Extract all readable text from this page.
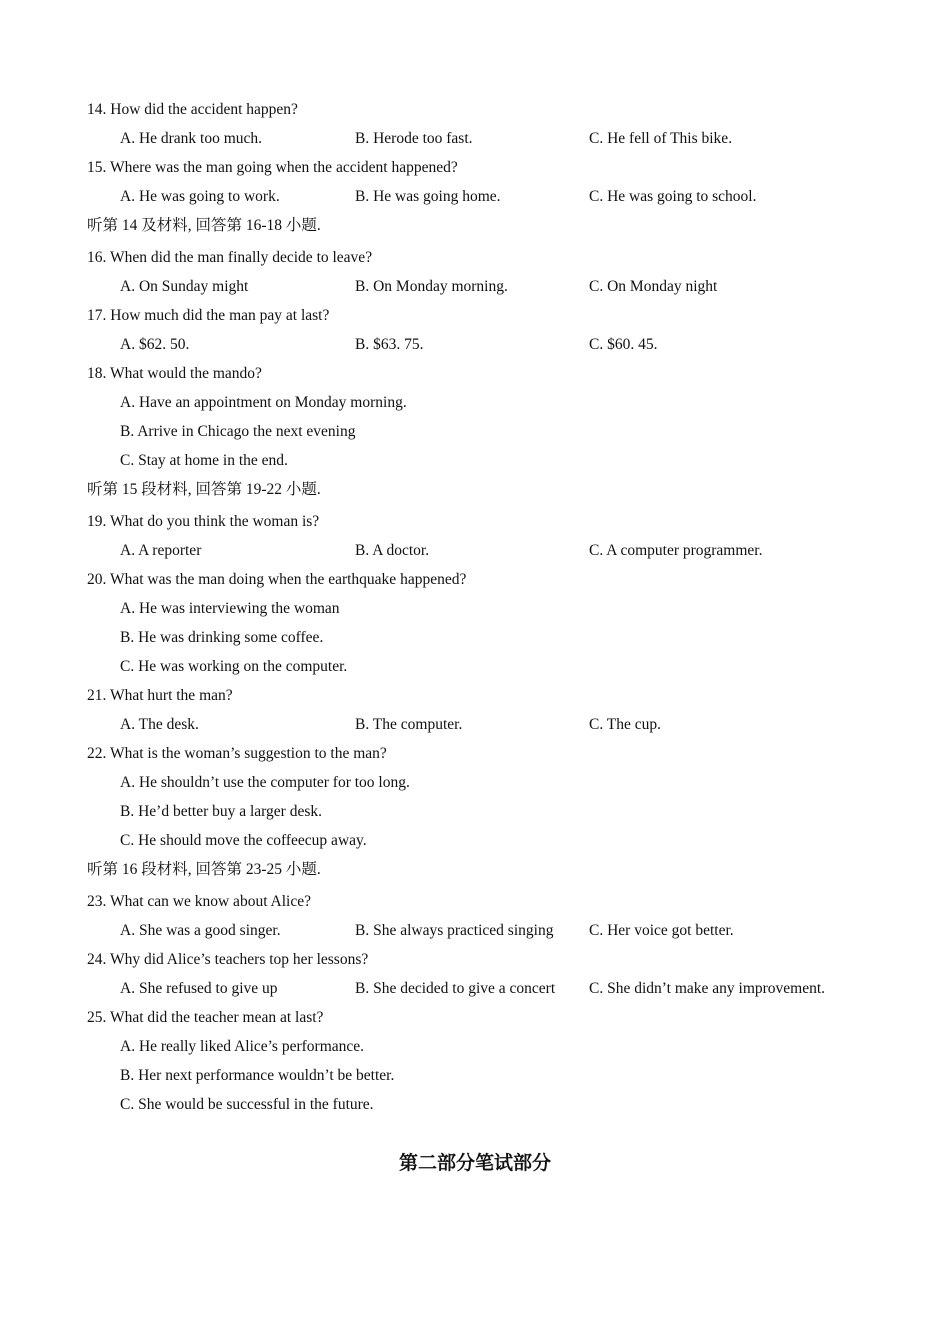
14. How did the accident happen?
A. He drank too much.	B. Herode too fast.	C. He fell of This bike.
15. Where was the man going when the accident happened?
A. He was going to work.	B. He was going home.	C. He was going to school.
听第 14 及材料, 回答第 16-18 小题.
16. When did the man finally decide to leave?
A. On Sunday might	B. On Monday morning.	C. On Monday night
17. How much did the man pay at last?
A. $62. 50.	B. $63. 75.	C. $60. 45.
18. What would the mando?
A. Have an appointment on Monday morning.
B. Arrive in Chicago the next evening
C. Stay at home in the end.
听第 15 段材料, 回答第 19-22 小题.
19. What do you think the woman is?
A. A reporter	B. A doctor.	C. A computer programmer.
20. What was the man doing when the earthquake happened?
A. He was interviewing the woman
B. He was drinking some coffee.
C. He was working on the computer.
21. What hurt the man?
A. The desk.	B. The computer.	C. The cup.
22. What is the woman’s suggestion to the man?
A. He shouldn’t use the computer for too long.
B. He’d better buy a larger desk.
C. He should move the coffeecup away.
听第 16 段材料, 回答第 23-25 小题.
23. What can we know about Alice?
A. She was a good singer.	B. She always practiced singing C. Her voice got better.
24. Why did Alice’s teachers top her lessons?
A. She refused to give up	B. She decided to give a concert C. She didn’t make any improvement.
25. What did the teacher mean at last?
A. He really liked Alice’s performance.
B. Her next performance wouldn’t be better.
C. She would be successful in the future.
第二部分笔试部分
